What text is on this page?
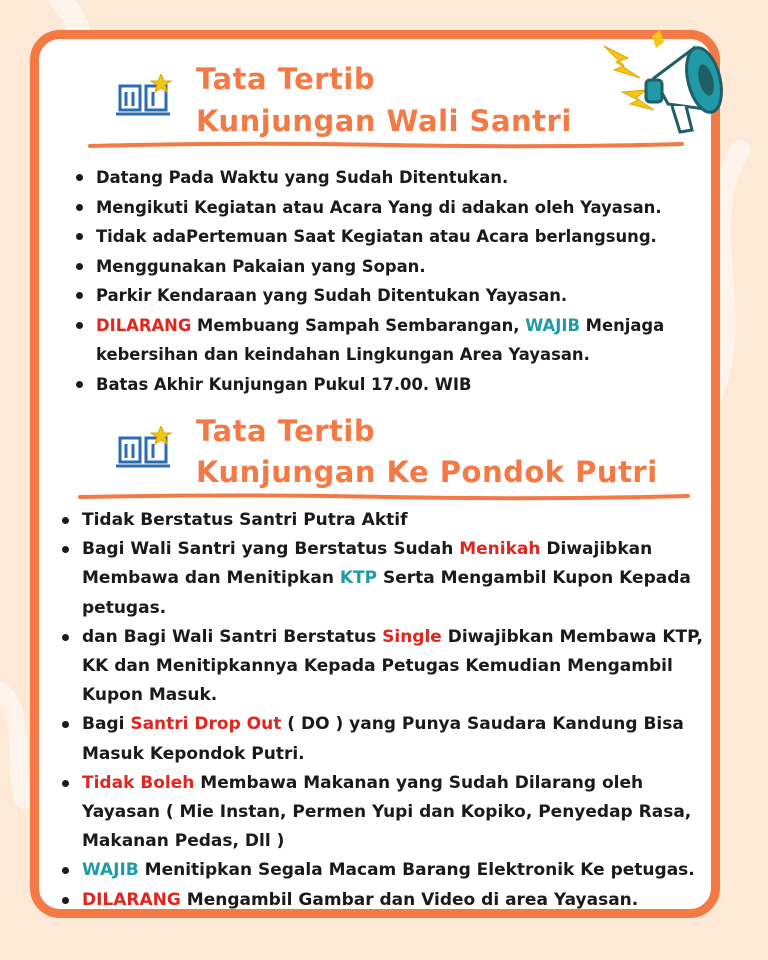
Tata Tertib
Kunjungan Wali Santri
Datang Pada Waktu yang Sudah Ditentukan.
Mengikuti Kegiatan atau Acara Yang di adakan oleh Yayasan.
Tidak adaPertemuan Saat Kegiatan atau Acara berlangsung.
Menggunakan Pakaian yang Sopan.
Parkir Kendaraan yang Sudah Ditentukan Yayasan.
DILARANG Membuang Sampah Sembarangan, WAJIB Menjaga kebersihan dan keindahan Lingkungan Area Yayasan.
Batas Akhir Kunjungan Pukul 17.00. WIB
Tata Tertib
Kunjungan Ke Pondok Putri
Tidak Berstatus Santri Putra Aktif
Bagi Wali Santri yang Berstatus Sudah Menikah Diwajibkan Membawa dan Menitipkan KTP Serta Mengambil Kupon Kepada petugas.
dan Bagi Wali Santri Berstatus Single Diwajibkan Membawa KTP, KK dan Menitipkannya Kepada Petugas Kemudian Mengambil Kupon Masuk.
Bagi Santri Drop Out ( DO ) yang Punya Saudara Kandung Bisa Masuk Kepondok Putri.
Tidak Boleh Membawa Makanan yang Sudah Dilarang oleh Yayasan ( Mie Instan, Permen Yupi dan Kopiko, Penyedap Rasa, Makanan Pedas, Dll )
WAJIB Menitipkan Segala Macam Barang Elektronik Ke petugas.
DILARANG Mengambil Gambar dan Video di area Yayasan.
